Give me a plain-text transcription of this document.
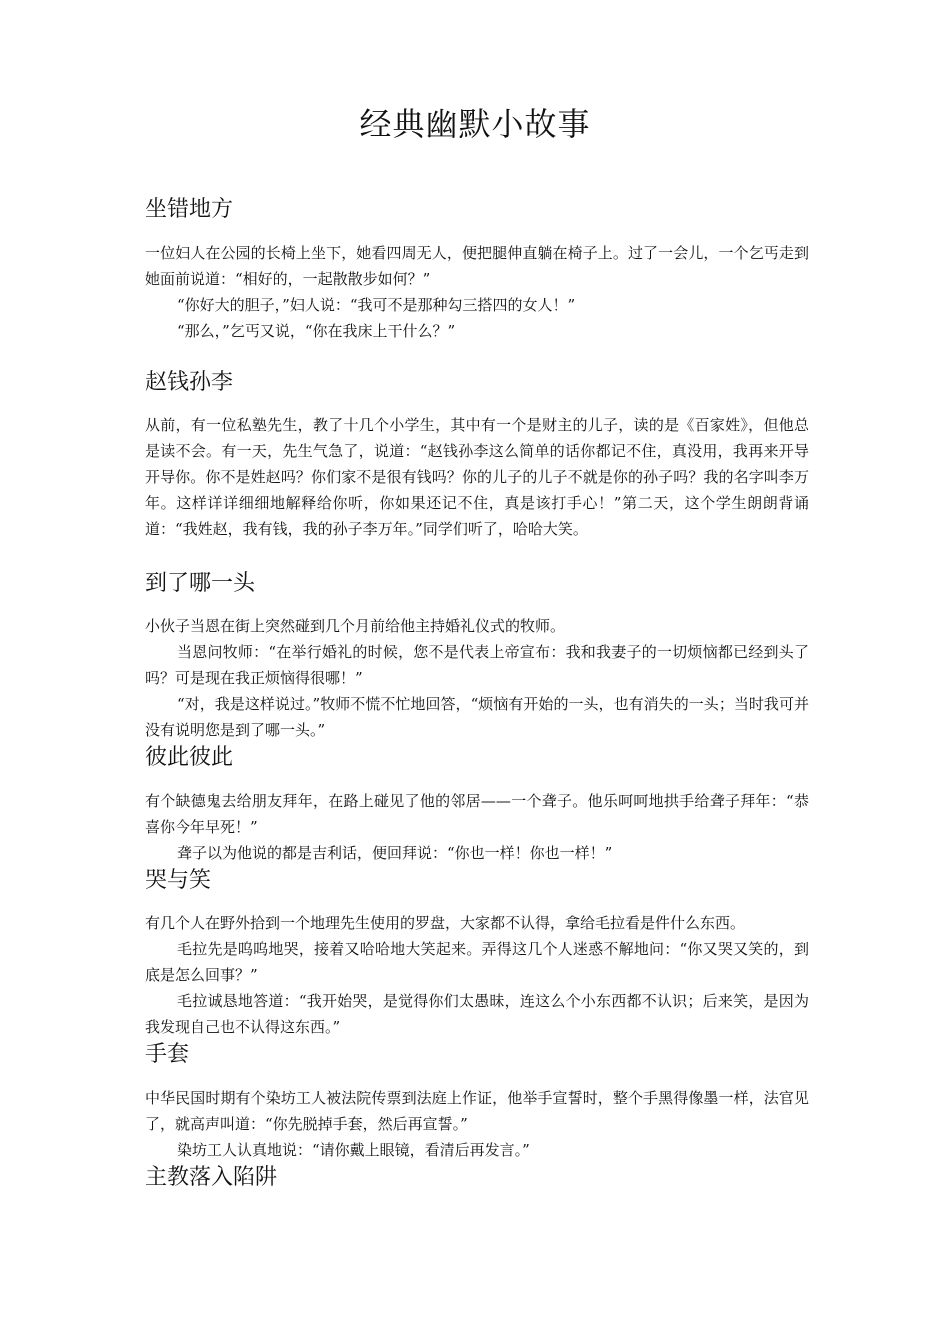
经典幽默小故事
坐错地方

一位妇人在公园的长椅上坐下，她看四周无人，便把腿伸直躺在椅子上。过了一会儿，一个乞丐走到她面前说道：“相好的，一起散散步如何？”

“你好大的胆子，”妇人说：“我可不是那种勾三搭四的女人！”

“那么，”乞丐又说，“你在我床上干什么？”

赵钱孙李

从前，有一位私塾先生，教了十几个小学生，其中有一个是财主的儿子，读的是《百家姓》，但他总是读不会。有一天，先生气急了，说道：“赵钱孙李这么简单的话你都记不住，真没用，我再来开导开导你。你不是姓赵吗？你们家不是很有钱吗？你的儿子的儿子不就是你的孙子吗？我的名字叫李万年。这样详详细细地解释给你听，你如果还记不住，真是该打手心！”第二天，这个学生朗朗背诵道：“我姓赵，我有钱，我的孙子李万年。”同学们听了，哈哈大笑。

到了哪一头

小伙子当恩在街上突然碰到几个月前给他主持婚礼仪式的牧师。

当恩问牧师：“在举行婚礼的时候，您不是代表上帝宣布：我和我妻子的一切烦恼都已经到头了吗？可是现在我正烦恼得很哪！”

“对，我是这样说过。”牧师不慌不忙地回答，“烦恼有开始的一头，也有消失的一头；当时我可并没有说明您是到了哪一头。”

彼此彼此

有个缺德鬼去给朋友拜年，在路上碰见了他的邻居——一个聋子。他乐呵呵地拱手给聋子拜年：“恭喜你今年早死！”

聋子以为他说的都是吉利话，便回拜说：“你也一样！你也一样！”

哭与笑

有几个人在野外拾到一个地理先生使用的罗盘，大家都不认得，拿给毛拉看是件什么东西。

毛拉先是呜呜地哭，接着又哈哈地大笑起来。弄得这几个人迷惑不解地问：“你又哭又笑的，到底是怎么回事？”

毛拉诚恳地答道：“我开始哭，是觉得你们太愚昧，连这么个小东西都不认识；后来笑，是因为我发现自己也不认得这东西。”

手套

中华民国时期有个染坊工人被法院传票到法庭上作证，他举手宣誓时，整个手黑得像墨一样，法官见了，就高声叫道：“你先脱掉手套，然后再宣誓。”

染坊工人认真地说：“请你戴上眼镜，看清后再发言。”

主教落入陷阱
